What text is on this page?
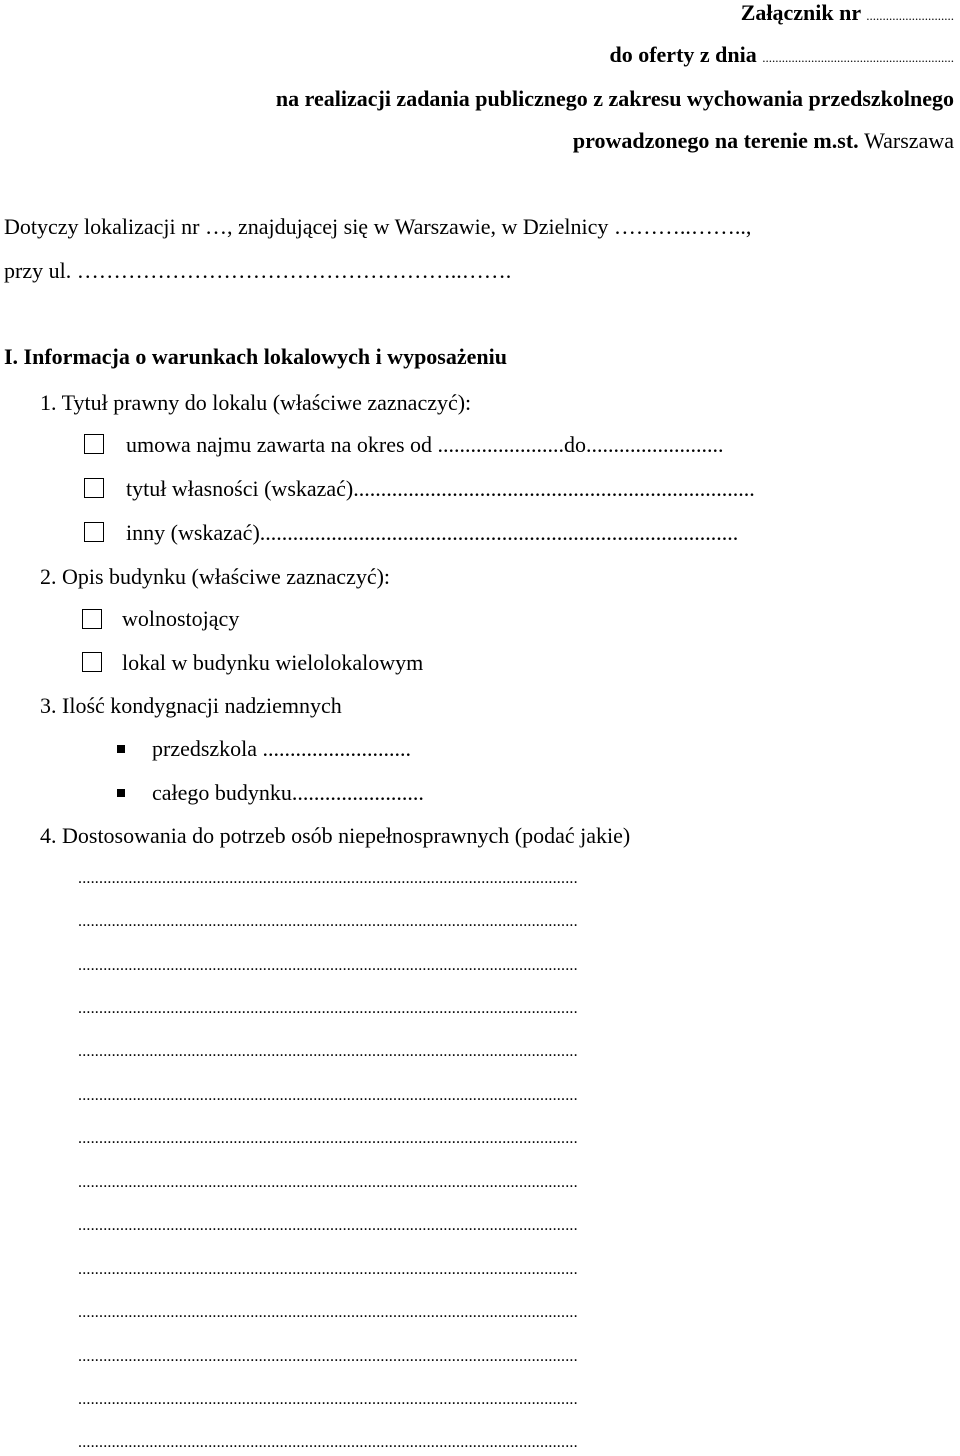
Załącznik nr ...........................
do oferty z dnia ...........................................................
na realizacji zadania publicznego z zakresu wychowania przedszkolnego
prowadzonego na terenie m.st. Warszawa
Dotyczy lokalizacji nr …, znajdującej się w Warszawie, w Dzielnicy ………..……..,
przy ul. ……………………………………………..…….
I. Informacja o warunkach lokalowych i wyposażeniu
1. Tytuł prawny do lokalu (właściwe zaznaczyć):
umowa najmu zawarta na okres od .......................do.........................
tytuł własności (wskazać).........................................................................
inny (wskazać).......................................................................................
2. Opis budynku (właściwe zaznaczyć):
wolnostojący
lokal w budynku wielolokalowym
3. Ilość kondygnacji nadziemnych
przedszkola ...........................
całego budynku........................
4. Dostosowania do potrzeb osób niepełnosprawnych (podać jakie)
.......................................................................................................................
.......................................................................................................................
.......................................................................................................................
.......................................................................................................................
.......................................................................................................................
.......................................................................................................................
.......................................................................................................................
.......................................................................................................................
.......................................................................................................................
.......................................................................................................................
.......................................................................................................................
.......................................................................................................................
.......................................................................................................................
.......................................................................................................................
